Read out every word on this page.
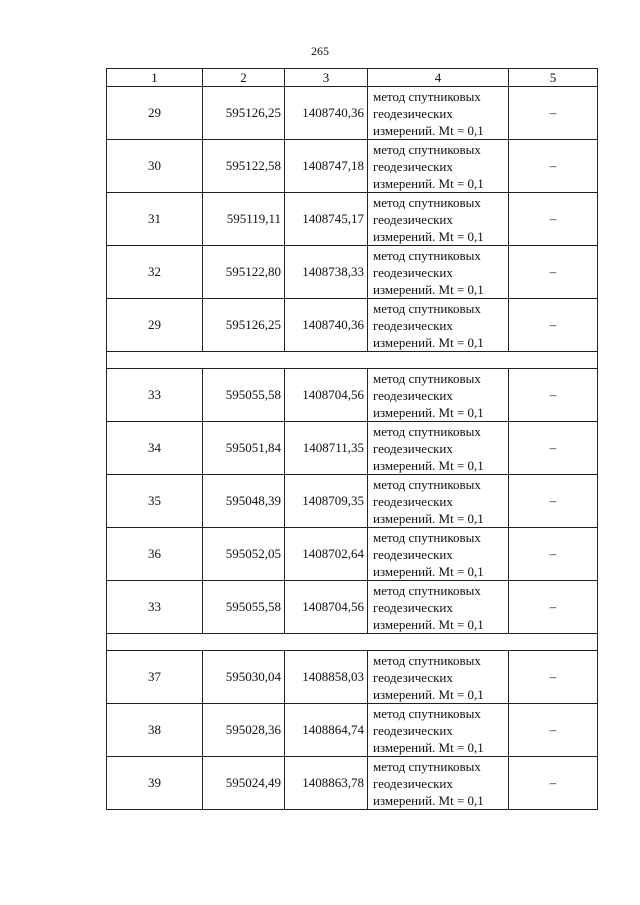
265
1	2	3	4	5
29	595126,25	1408740,36	метод спутниковых
геодезических
измерений. Mt = 0,1	–
30	595122,58	1408747,18	метод спутниковых
геодезических
измерений. Mt = 0,1	–
31	595119,11	1408745,17	метод спутниковых
геодезических
измерений. Mt = 0,1	–
32	595122,80	1408738,33	метод спутниковых
геодезических
измерений. Mt = 0,1	–
29	595126,25	1408740,36	метод спутниковых
геодезических
измерений. Mt = 0,1	–

33	595055,58	1408704,56	метод спутниковых
геодезических
измерений. Mt = 0,1	–
34	595051,84	1408711,35	метод спутниковых
геодезических
измерений. Mt = 0,1	–
35	595048,39	1408709,35	метод спутниковых
геодезических
измерений. Mt = 0,1	–
36	595052,05	1408702,64	метод спутниковых
геодезических
измерений. Mt = 0,1	–
33	595055,58	1408704,56	метод спутниковых
геодезических
измерений. Mt = 0,1	–

37	595030,04	1408858,03	метод спутниковых
геодезических
измерений. Mt = 0,1	–
38	595028,36	1408864,74	метод спутниковых
геодезических
измерений. Mt = 0,1	–
39	595024,49	1408863,78	метод спутниковых
геодезических
измерений. Mt = 0,1	–
